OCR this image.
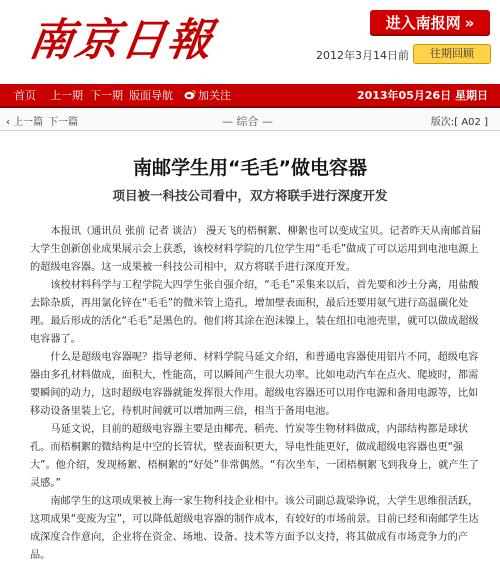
南京日報	进入南报网 »
2012年3月14日前	往期回顾
首页 上一期 下一期 版面导航	加关注	2013年05月26日 星期日
‹ 上一篇 下一篇	— 综合 —	版次:[ A02 ]
南邮学生用“毛毛”做电容器
项目被一科技公司看中，双方将联手进行深度开发

本报讯（通讯员 张前 记者 谈洁） 漫天飞的梧桐絮、柳絮也可以变成宝贝。记者昨天从南邮首届大学生创新创业成果展示会上获悉，该校材料学院的几位学生用“毛毛”做成了可以运用到电池电源上的超级电容器。这一成果被一科技公司相中，双方将联手进行深度开发。

该校材料科学与工程学院大四学生张自强介绍，“毛毛”采集来以后，首先要和沙土分离，用盐酸去除杂质，再用氯化锌在“毛毛”的微米管上造孔，增加壁表面积，最后还要用氨气进行高温碳化处理。最后形成的活化“毛毛”是黑色的。他们将其涂在泡沫镍上，装在纽扣电池壳里，就可以做成超级电容器了。

什么是超级电容器呢？指导老师、材料学院马延文介绍，和普通电容器使用铝片不同，超级电容器由多孔材料做成，面积大，性能高，可以瞬间产生很大功率。比如电动汽车在点火、爬坡时，都需要瞬间的动力，这时超级电容器就能发挥很大作用。超级电容器还可以用作电源和备用电源等，比如移动设备里装上它，待机时间就可以增加两三倍，相当于备用电池。

马延文说，目前的超级电容器主要是由椰壳、稻壳、竹炭等生物材料做成，内部结构都是球状孔。而梧桐絮的微结构是中空的长管状，壁表面积更大，导电性能更好，做成超级电容器也更“强大”。他介绍，发现杨絮、梧桐絮的“好处”非常偶然。“有次坐车，一团梧桐絮飞到我身上，就产生了灵感。”

南邮学生的这项成果被上海一家生物科技企业相中。该公司副总裁梁诤说，大学生思维很活跃，这项成果“变废为宝”，可以降低超级电容器的制作成本，有较好的市场前景。目前已经和南邮学生达成深度合作意向，企业将在资金、场地、设备、技术等方面予以支持，将其做成有市场竞争力的产品。
